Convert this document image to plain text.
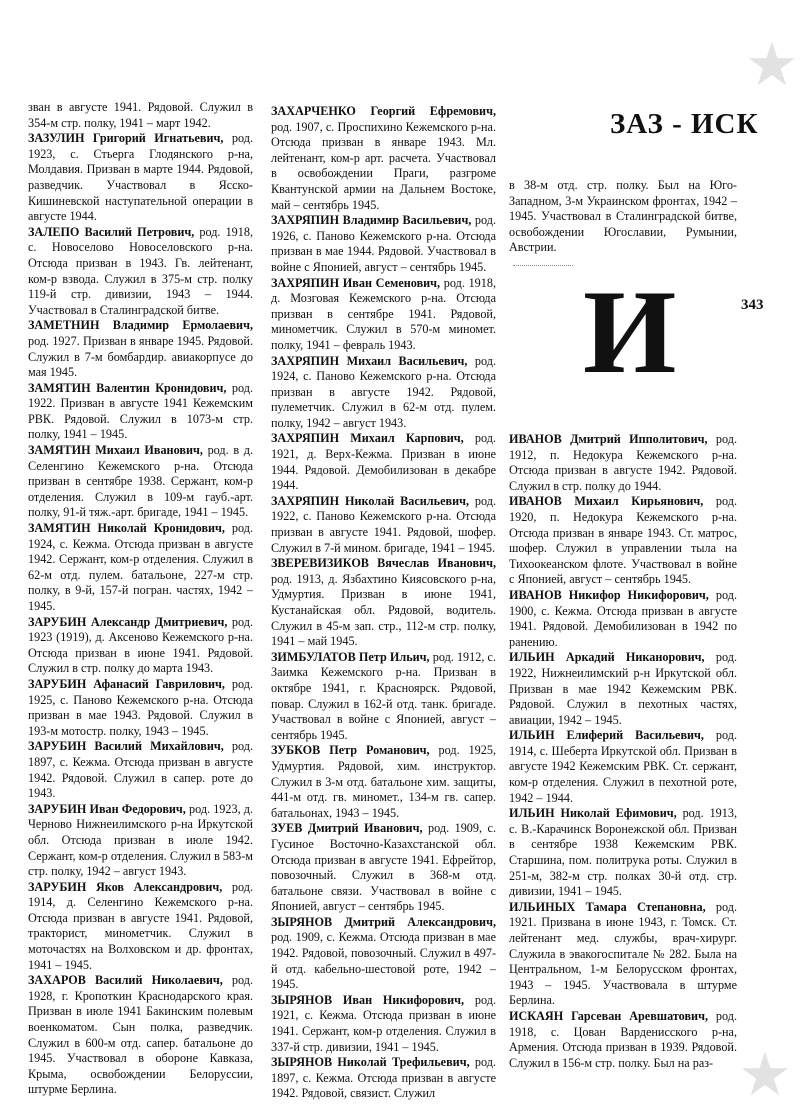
★
★
ЗАЗ - ИСК
И	343

зван в августе 1941. Рядовой. Служил в 354-м стр. полку, 1941 – март 1942.

ЗАЗУЛИН Григорий Игнатьевич, род. 1923, с. Стьерга Глодянского р-на, Молдавия. Призван в марте 1944. Рядовой, разведчик. Участвовал в Ясско-Кишиневской наступательной операции в августе 1944.

ЗАЛЕПО Василий Петрович, род. 1918, с. Новоселово Новоселовского р-на. Отсюда призван в 1943. Гв. лейтенант, ком-р взвода. Служил в 375-м стр. полку 119-й стр. дивизии, 1943 – 1944. Участвовал в Сталинградской битве.

ЗАМЕТНИН Владимир Ермолаевич, род. 1927. Призван в январе 1945. Рядовой. Служил в 7-м бомбардир. авиакорпусе до мая 1945.

ЗАМЯТИН Валентин Кронидович, род. 1922. Призван в августе 1941 Кежемским РВК. Рядовой. Служил в 1073-м стр. полку, 1941 – 1945.

ЗАМЯТИН Михаил Иванович, род. в д. Селенгино Кежемского р-на. Отсюда призван в сентябре 1938. Сержант, ком-р отделения. Служил в 109-м гауб.-арт. полку, 91-й тяж.-арт. бригаде, 1941 – 1945.

ЗАМЯТИН Николай Кронидович, род. 1924, с. Кежма. Отсюда призван в августе 1942. Сержант, ком-р отделения. Служил в 62-м отд. пулем. батальоне, 227-м стр. полку, в 9-й, 157-й погран. частях, 1942 – 1945.

ЗАРУБИН Александр Дмитриевич, род. 1923 (1919), д. Аксеново Кежемского р-на. Отсюда призван в июне 1941. Рядовой. Служил в стр. полку до марта 1943.

ЗАРУБИН Афанасий Гаврилович, род. 1925, с. Паново Кежемского р-на. Отсюда призван в мае 1943. Рядовой. Служил в 193-м мотостр. полку, 1943 – 1945.

ЗАРУБИН Василий Михайлович, род. 1897, с. Кежма. Отсюда призван в августе 1942. Рядовой. Служил в сапер. роте до 1943.

ЗАРУБИН Иван Федорович, род. 1923, д. Черново Нижнеилимского р-на Иркутской обл. Отсюда призван в июле 1942. Сержант, ком-р отделения. Служил в 583-м стр. полку, 1942 – август 1943.

ЗАРУБИН Яков Александрович, род. 1914, д. Селенгино Кежемского р-на. Отсюда призван в августе 1941. Рядовой, тракторист, минометчик. Служил в моточастях на Волховском и др. фронтах, 1941 – 1945.

ЗАХАРОВ Василий Николаевич, род. 1928, г. Кропоткин Краснодарского края. Призван в июле 1941 Бакинским полевым военкоматом. Сын полка, разведчик. Служил в 600-м отд. сапер. батальоне до 1945. Участвовал в обороне Кавказа, Крыма, освобождении Белоруссии, штурме Берлина.

ЗАХАРЧЕНКО Георгий Ефремович, род. 1907, с. Проспихино Кежемского р-на. Отсюда призван в январе 1943. Мл. лейтенант, ком-р арт. расчета. Участвовал в освобождении Праги, разгроме Квантунской армии на Дальнем Востоке, май – сентябрь 1945.

ЗАХРЯПИН Владимир Васильевич, род. 1926, с. Паново Кежемского р-на. Отсюда призван в мае 1944. Рядовой. Участвовал в войне с Японией, август – сентябрь 1945.

ЗАХРЯПИН Иван Семенович, род. 1918, д. Мозговая Кежемского р-на. Отсюда призван в сентябре 1941. Рядовой, минометчик. Служил в 570-м миномет. полку, 1941 – февраль 1943.

ЗАХРЯПИН Михаил Васильевич, род. 1924, с. Паново Кежемского р-на. Отсюда призван в августе 1942. Рядовой, пулеметчик. Служил в 62-м отд. пулем. полку, 1942 – август 1943.

ЗАХРЯПИН Михаил Карпович, род. 1921, д. Верх-Кежма. Призван в июне 1944. Рядовой. Демобилизован в декабре 1944.

ЗАХРЯПИН Николай Васильевич, род. 1922, с. Паново Кежемского р-на. Отсюда призван в августе 1941. Рядовой, шофер. Служил в 7-й мином. бригаде, 1941 – 1945.

ЗВЕРЕВИЗИКОВ Вячеслав Иванович, род. 1913, д. Язбахтино Киясовского р-на, Удмуртия. Призван в июне 1941, Кустанайская обл. Рядовой, водитель. Служил в 45-м зап. стр., 112-м стр. полку, 1941 – май 1945.

ЗИМБУЛАТОВ Петр Ильич, род. 1912, с. Заимка Кежемского р-на. Призван в октябре 1941, г. Красноярск. Рядовой, повар. Служил в 162-й отд. танк. бригаде. Участвовал в войне с Японией, август – сентябрь 1945.

ЗУБКОВ Петр Романович, род. 1925, Удмуртия. Рядовой, хим. инструктор. Служил в 3-м отд. батальоне хим. защиты, 441-м отд. гв. миномет., 134-м гв. сапер. батальонах, 1943 – 1945.

ЗУЕВ Дмитрий Иванович, род. 1909, с. Гусиное Восточно-Казахстанской обл. Отсюда призван в августе 1941. Ефрейтор, повозочный. Служил в 368-м отд. батальоне связи. Участвовал в войне с Японией, август – сентябрь 1945.

ЗЫРЯНОВ Дмитрий Александрович, род. 1909, с. Кежма. Отсюда призван в мае 1942. Рядовой, повозочный. Служил в 497-й отд. кабельно-шестовой роте, 1942 – 1945.

ЗЫРЯНОВ Иван Никифорович, род. 1921, с. Кежма. Отсюда призван в июне 1941. Сержант, ком-р отделения. Служил в 337-й стр. дивизии, 1941 – 1945.

ЗЫРЯНОВ Николай Трефильевич, род. 1897, с. Кежма. Отсюда призван в августе 1942. Рядовой, связист. Служил

в 38-м отд. стр. полку. Был на Юго-Западном, 3-м Украинском фронтах, 1942 – 1945. Участвовал в Сталинградской битве, освобождении Югославии, Румынии, Австрии.

ИВАНОВ Дмитрий Ипполитович, род. 1912, п. Недокура Кежемского р-на. Отсюда призван в августе 1942. Рядовой. Служил в стр. полку до 1944.

ИВАНОВ Михаил Кирьянович, род. 1920, п. Недокура Кежемского р-на. Отсюда призван в январе 1943. Ст. матрос, шофер. Служил в управлении тыла на Тихоокеанском флоте. Участвовал в войне с Японией, август – сентябрь 1945.

ИВАНОВ Никифор Никифорович, род. 1900, с. Кежма. Отсюда призван в августе 1941. Рядовой. Демобилизован в 1942 по ранению.

ИЛЬИН Аркадий Никанорович, род. 1922, Нижнеилимский р-н Иркутской обл. Призван в мае 1942 Кежемским РВК. Рядовой. Служил в пехотных частях, авиации, 1942 – 1945.

ИЛЬИН Елиферий Васильевич, род. 1914, с. Шеберта Иркутской обл. Призван в августе 1942 Кежемским РВК. Ст. сержант, ком-р отделения. Служил в пехотной роте, 1942 – 1944.

ИЛЬИН Николай Ефимович, род. 1913, с. В.-Карачинск Воронежской обл. Призван в сентябре 1938 Кежемским РВК. Старшина, пом. политрука роты. Служил в 251-м, 382-м стр. полках 30-й отд. стр. дивизии, 1941 – 1945.

ИЛЬИНЫХ Тамара Степановна, род. 1921. Призвана в июне 1943, г. Томск. Ст. лейтенант мед. службы, врач-хирург. Служила в эвакогоспитале № 282. Была на Центральном, 1-м Белорусском фронтах, 1943 – 1945. Участвовала в штурме Берлина.

ИСКАЯН Гарсеван Аревшатович, род. 1918, с. Цован Варденисского р-на, Армения. Отсюда призван в 1939. Рядовой. Служил в 156-м стр. полку. Был на раз-
